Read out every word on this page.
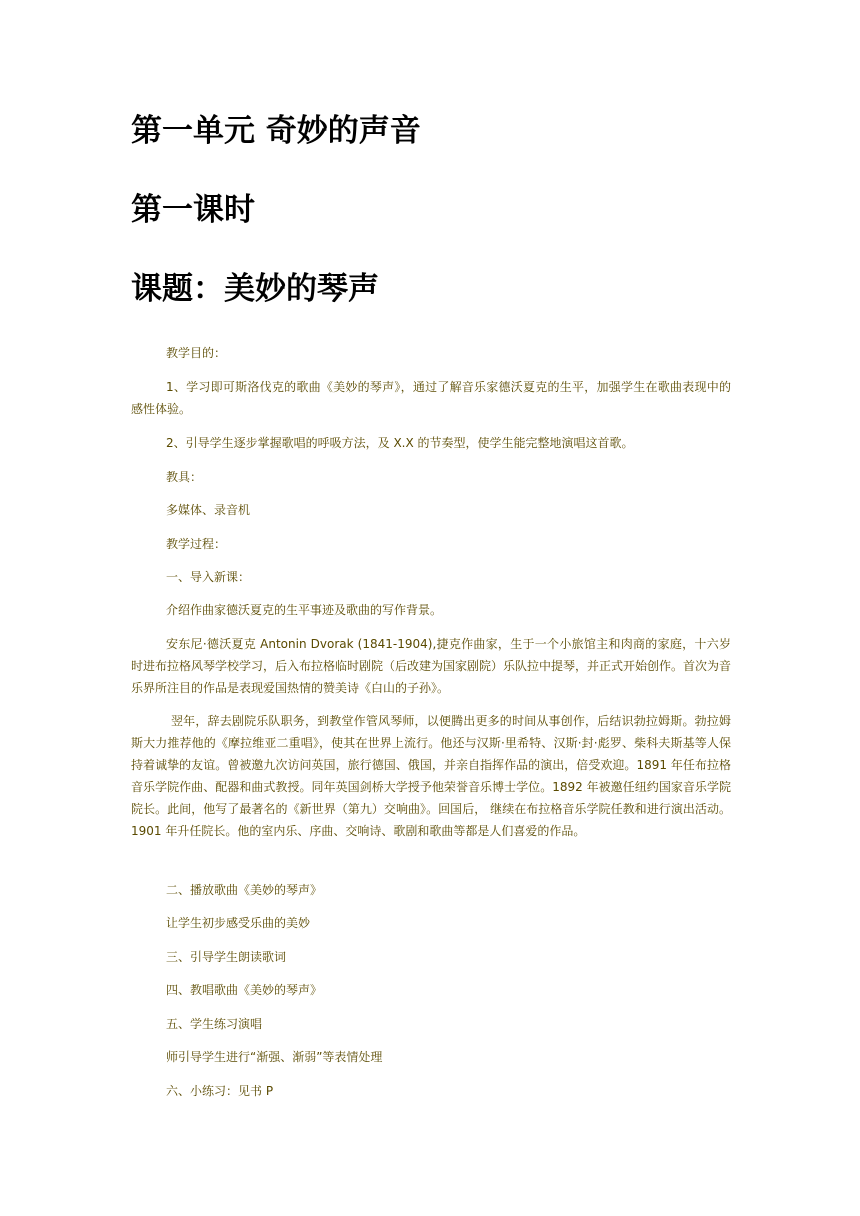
第一单元 奇妙的声音
第一课时
课题：美妙的琴声

教学目的：

1、学习即可斯洛伐克的歌曲《美妙的琴声》，通过了解音乐家德沃夏克的生平，加强学生在歌曲表现中的感性体验。

2、引导学生逐步掌握歌唱的呼吸方法，及 X.X 的节奏型，使学生能完整地演唱这首歌。

教具：

多媒体、录音机

教学过程：

一、导入新课：

介绍作曲家德沃夏克的生平事迹及歌曲的写作背景。

安东尼·德沃夏克 Antonin Dvorak (1841-1904),捷克作曲家，生于一个小旅馆主和肉商的家庭，十六岁时进布拉格风琴学校学习，后入布拉格临时剧院（后改建为国家剧院）乐队拉中提琴，并正式开始创作。首次为音乐界所注目的作品是表现爱国热情的赞美诗《白山的子孙》。

翌年，辞去剧院乐队职务，到教堂作管风琴师，以便腾出更多的时间从事创作，后结识勃拉姆斯。勃拉姆斯大力推荐他的《摩拉维亚二重唱》，使其在世界上流行。他还与汉斯·里希特、汉斯·封·彪罗、柴科夫斯基等人保持着诚挚的友谊。曾被邀九次访问英国，旅行德国、俄国，并亲自指挥作品的演出，倍受欢迎。1891 年任布拉格音乐学院作曲、配器和曲式教授。同年英国剑桥大学授予他荣誉音乐博士学位。1892 年被邀任纽约国家音乐学院院长。此间，他写了最著名的《新世界（第九）交响曲》。回国后， 继续在布拉格音乐学院任教和进行演出活动。1901 年升任院长。他的室内乐、序曲、交响诗、歌剧和歌曲等都是人们喜爱的作品。

二、播放歌曲《美妙的琴声》

让学生初步感受乐曲的美妙

三、引导学生朗读歌词

四、教唱歌曲《美妙的琴声》

五、学生练习演唱

师引导学生进行“渐强、渐弱”等表情处理

六、小练习：见书 P
